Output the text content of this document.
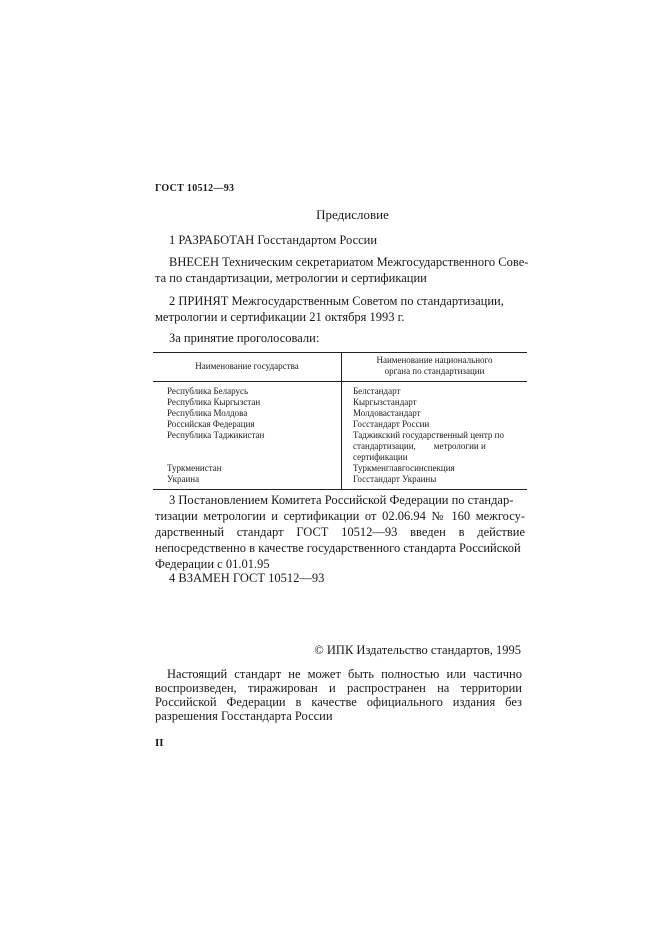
ГОСТ 10512—93

Предисловие

1 РАЗРАБОТАН Госстандартом России

ВНЕСЕН Техническим секретариатом Межгосударственного Сове-
та по стандартизации, метрологии и сертификации
2 ПРИНЯТ Межгосударственным Советом по стандартизации,
метрологии и сертификации 21 октября 1993 г.

За принятие проголосовали:

Наименование государства	Наименование национального
органа по стандартизации

Республика Беларусь	Белстандарт
Республика Кыргызстан	Кыргызстандарт
Республика Молдова	Молдовастандарт
Российская Федерация	Госстандарт России
Республика Таджикистан	Таджикский государственный центр по
стандартизации,        метрологии и
сертификации

Туркменистан	Туркменглавгосинспекция
Украина	Госстандарт Украины
3 Постановлением Комитета Российской Федерации по стандар-
тизации метрологии и сертификации от 02.06.94 № 160 межгосу-
дарственный стандарт ГОСТ 10512—93 введен в действие
непосредственно в качестве государственного стандарта Российской
Федерации с 01.01.95

4 ВЗАМЕН ГОСТ 10512—93

© ИПК Издательство стандартов, 1995

Настоящий стандарт не может быть полностью или частично воспроизведен, тиражирован и распространен на территории Российской Федерации в качестве официального издания без разрешения Госстандарта России

II
